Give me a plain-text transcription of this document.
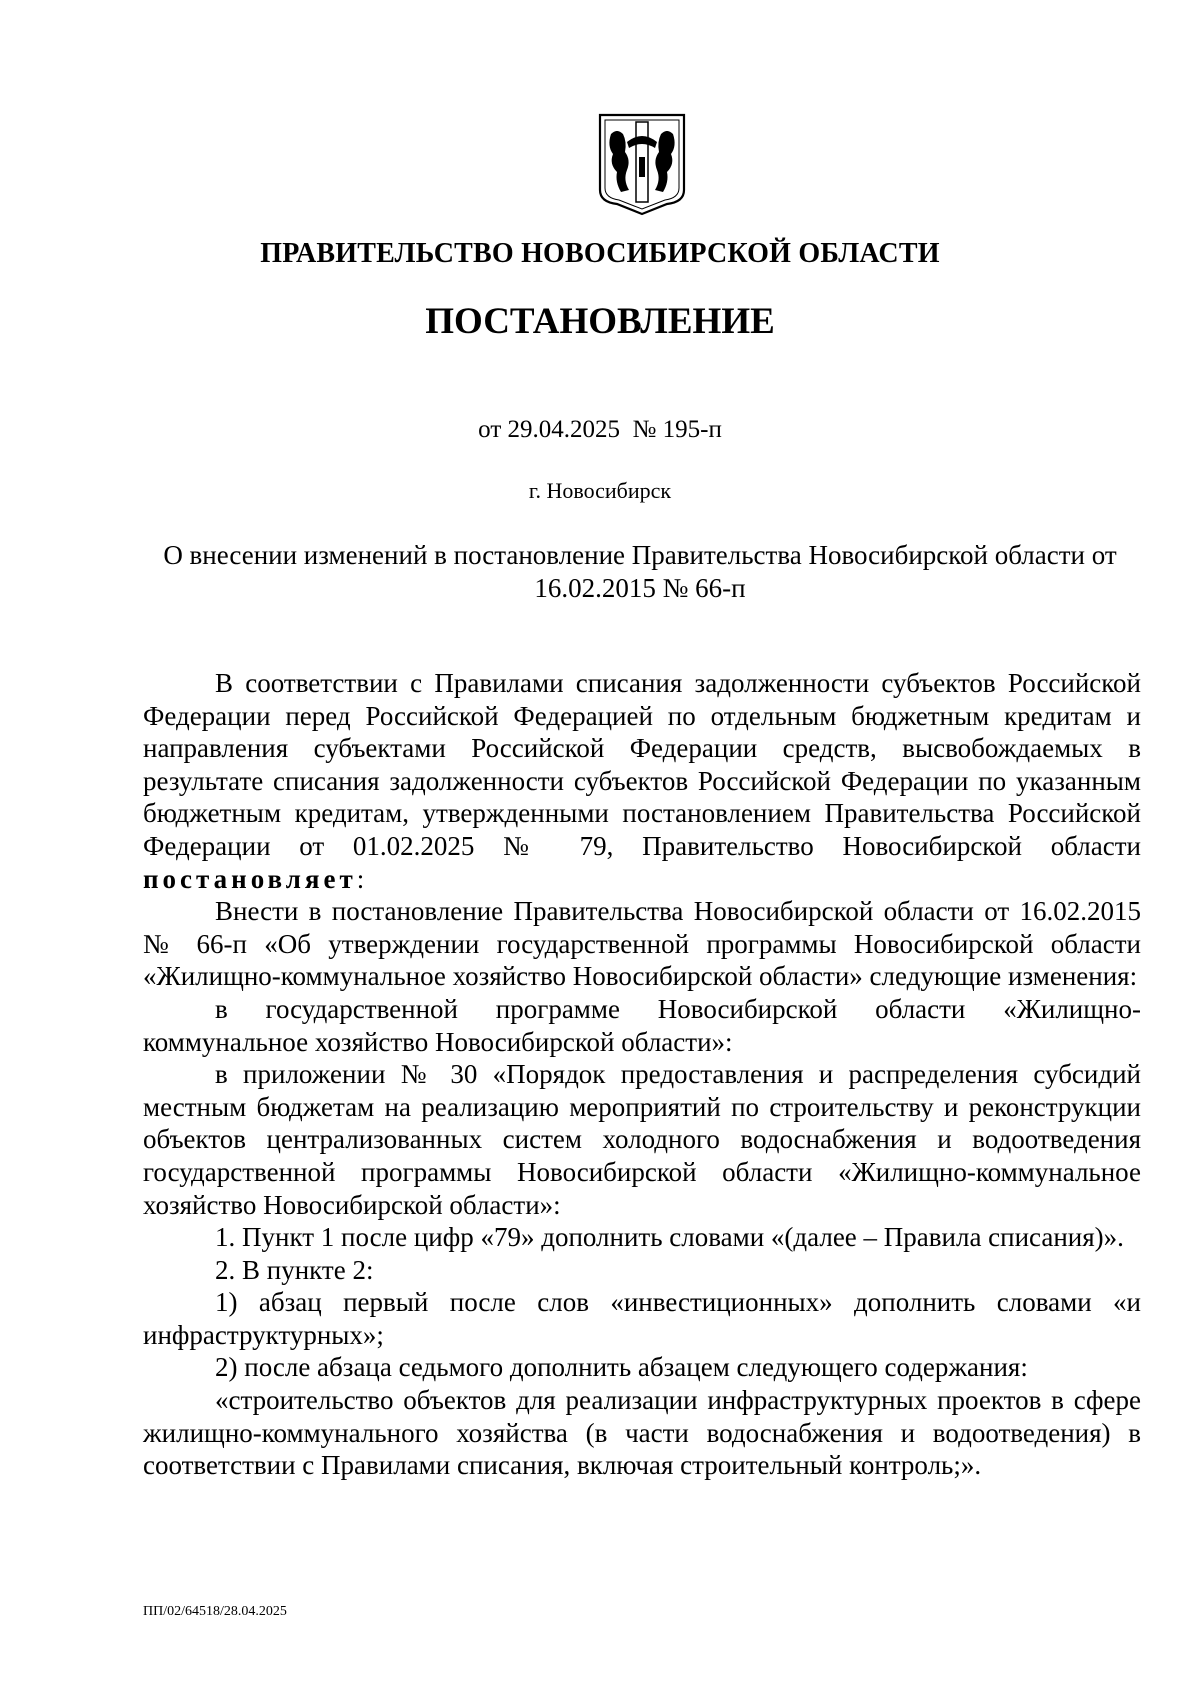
ПРАВИТЕЛЬСТВО НОВОСИБИРСКОЙ ОБЛАСТИ
ПОСТАНОВЛЕНИЕ
от 29.04.2025  № 195-п
г. Новосибирск
О внесении изменений в постановление Правительства Новосибирской области от 16.02.2015 № 66-п

В соответствии с Правилами списания задолженности субъектов Российской Федерации перед Российской Федерацией по отдельным бюджетным кредитам и направления субъектами Российской Федерации средств, высвобождаемых в результате списания задолженности субъектов Российской Федерации по указанным бюджетным кредитам, утвержденными постановлением Правительства Российской Федерации от 01.02.2025 № 79, Правительство Новосибирской области постановляет:

Внести в постановление Правительства Новосибирской области от 16.02.2015 № 66-п «Об утверждении государственной программы Новосибирской области «Жилищно-коммунальное хозяйство Новосибирской области» следующие изменения:

в государственной программе Новосибирской области «Жилищно-коммунальное хозяйство Новосибирской области»:

в приложении № 30 «Порядок предоставления и распределения субсидий местным бюджетам на реализацию мероприятий по строительству и реконструкции объектов централизованных систем холодного водоснабжения и водоотведения государственной программы Новосибирской области «Жилищно-коммунальное хозяйство Новосибирской области»:

1. Пункт 1 после цифр «79» дополнить словами «(далее – Правила списания)».

2. В пункте 2:

1) абзац первый после слов «инвестиционных» дополнить словами «и инфраструктурных»;

2) после абзаца седьмого дополнить абзацем следующего содержания:

«строительство объектов для реализации инфраструктурных проектов в сфере жилищно-коммунального хозяйства (в части водоснабжения и водоотведения) в соответствии с Правилами списания, включая строительный контроль;».

ПП/02/64518/28.04.2025
